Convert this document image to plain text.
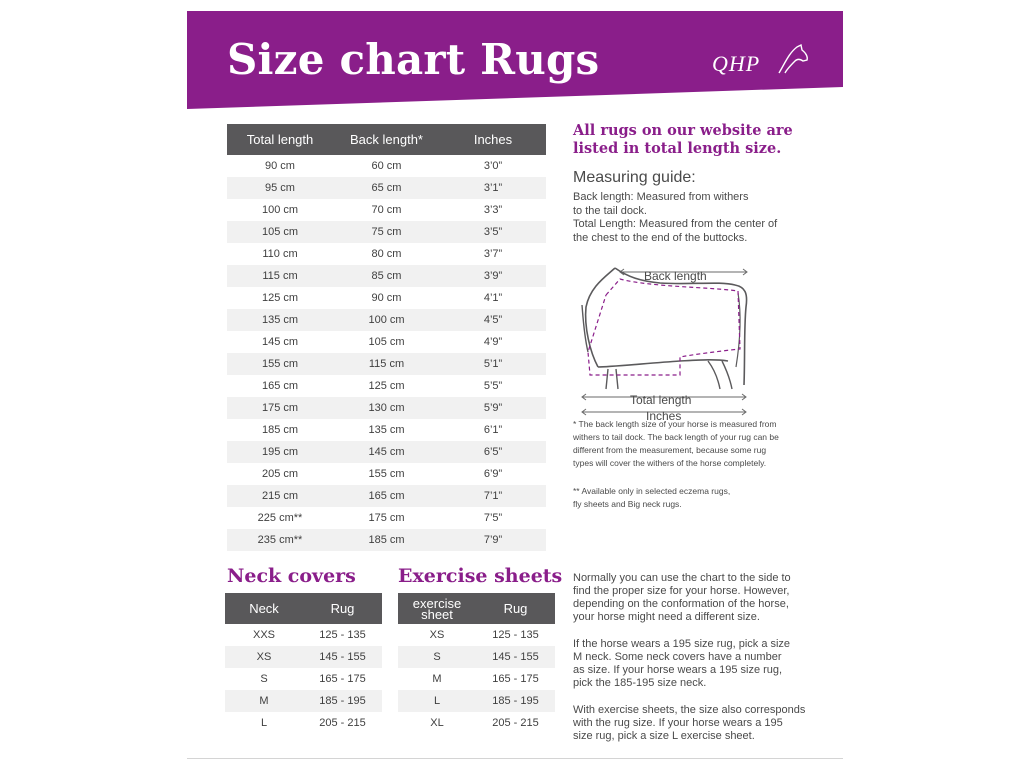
Size chart Rugs	QHP
Total length	Back length*	Inches
90 cm	60 cm	3’0”
95 cm	65 cm	3’1”
100 cm	70 cm	3’3”
105 cm	75 cm	3’5”
110 cm	80 cm	3’7”
115 cm	85 cm	3’9”
125 cm	90 cm	4’1”
135 cm	100 cm	4’5”
145 cm	105 cm	4’9”
155 cm	115 cm	5’1”
165 cm	125 cm	5’5”
175 cm	130 cm	5’9”
185 cm	135 cm	6’1”
195 cm	145 cm	6’5”
205 cm	155 cm	6’9”
215 cm	165 cm	7’1”
225 cm**	175 cm	7’5”
235 cm**	185 cm	7’9”
All rugs on our website are
listed in total length size.
Measuring guide:
Back length: Measured from withers
to the tail dock.
Total Length: Measured from the center of
the chest to the end of the buttocks.
Back length
Total length
Inches
* The back length size of your horse is measured from
withers to tail dock. The back length of your rug can be
different from the measurement, because some rug
types will cover the withers of the horse completely.
** Available only in selected eczema rugs,
fly sheets and Big neck rugs.
Neck covers
Neck	Rug
XXS	125 - 135
XS	145 - 155
S	165 - 175
M	185 - 195
L	205 - 215
Exercise sheets
exercise
sheet	Rug
XS	125 - 135
S	145 - 155
M	165 - 175
L	185 - 195
XL	205 - 215
Normally you can use the chart to the side to
find the proper size for your horse. However,
depending on the conformation of the horse,
your horse might need a different size.
If the horse wears a 195 size rug, pick a size
M neck. Some neck covers have a number
as size. If your horse wears a 195 size rug,
pick the 185-195 size neck.
With exercise sheets, the size also corresponds
with the rug size. If your horse wears a 195
size rug, pick a size L exercise sheet.
